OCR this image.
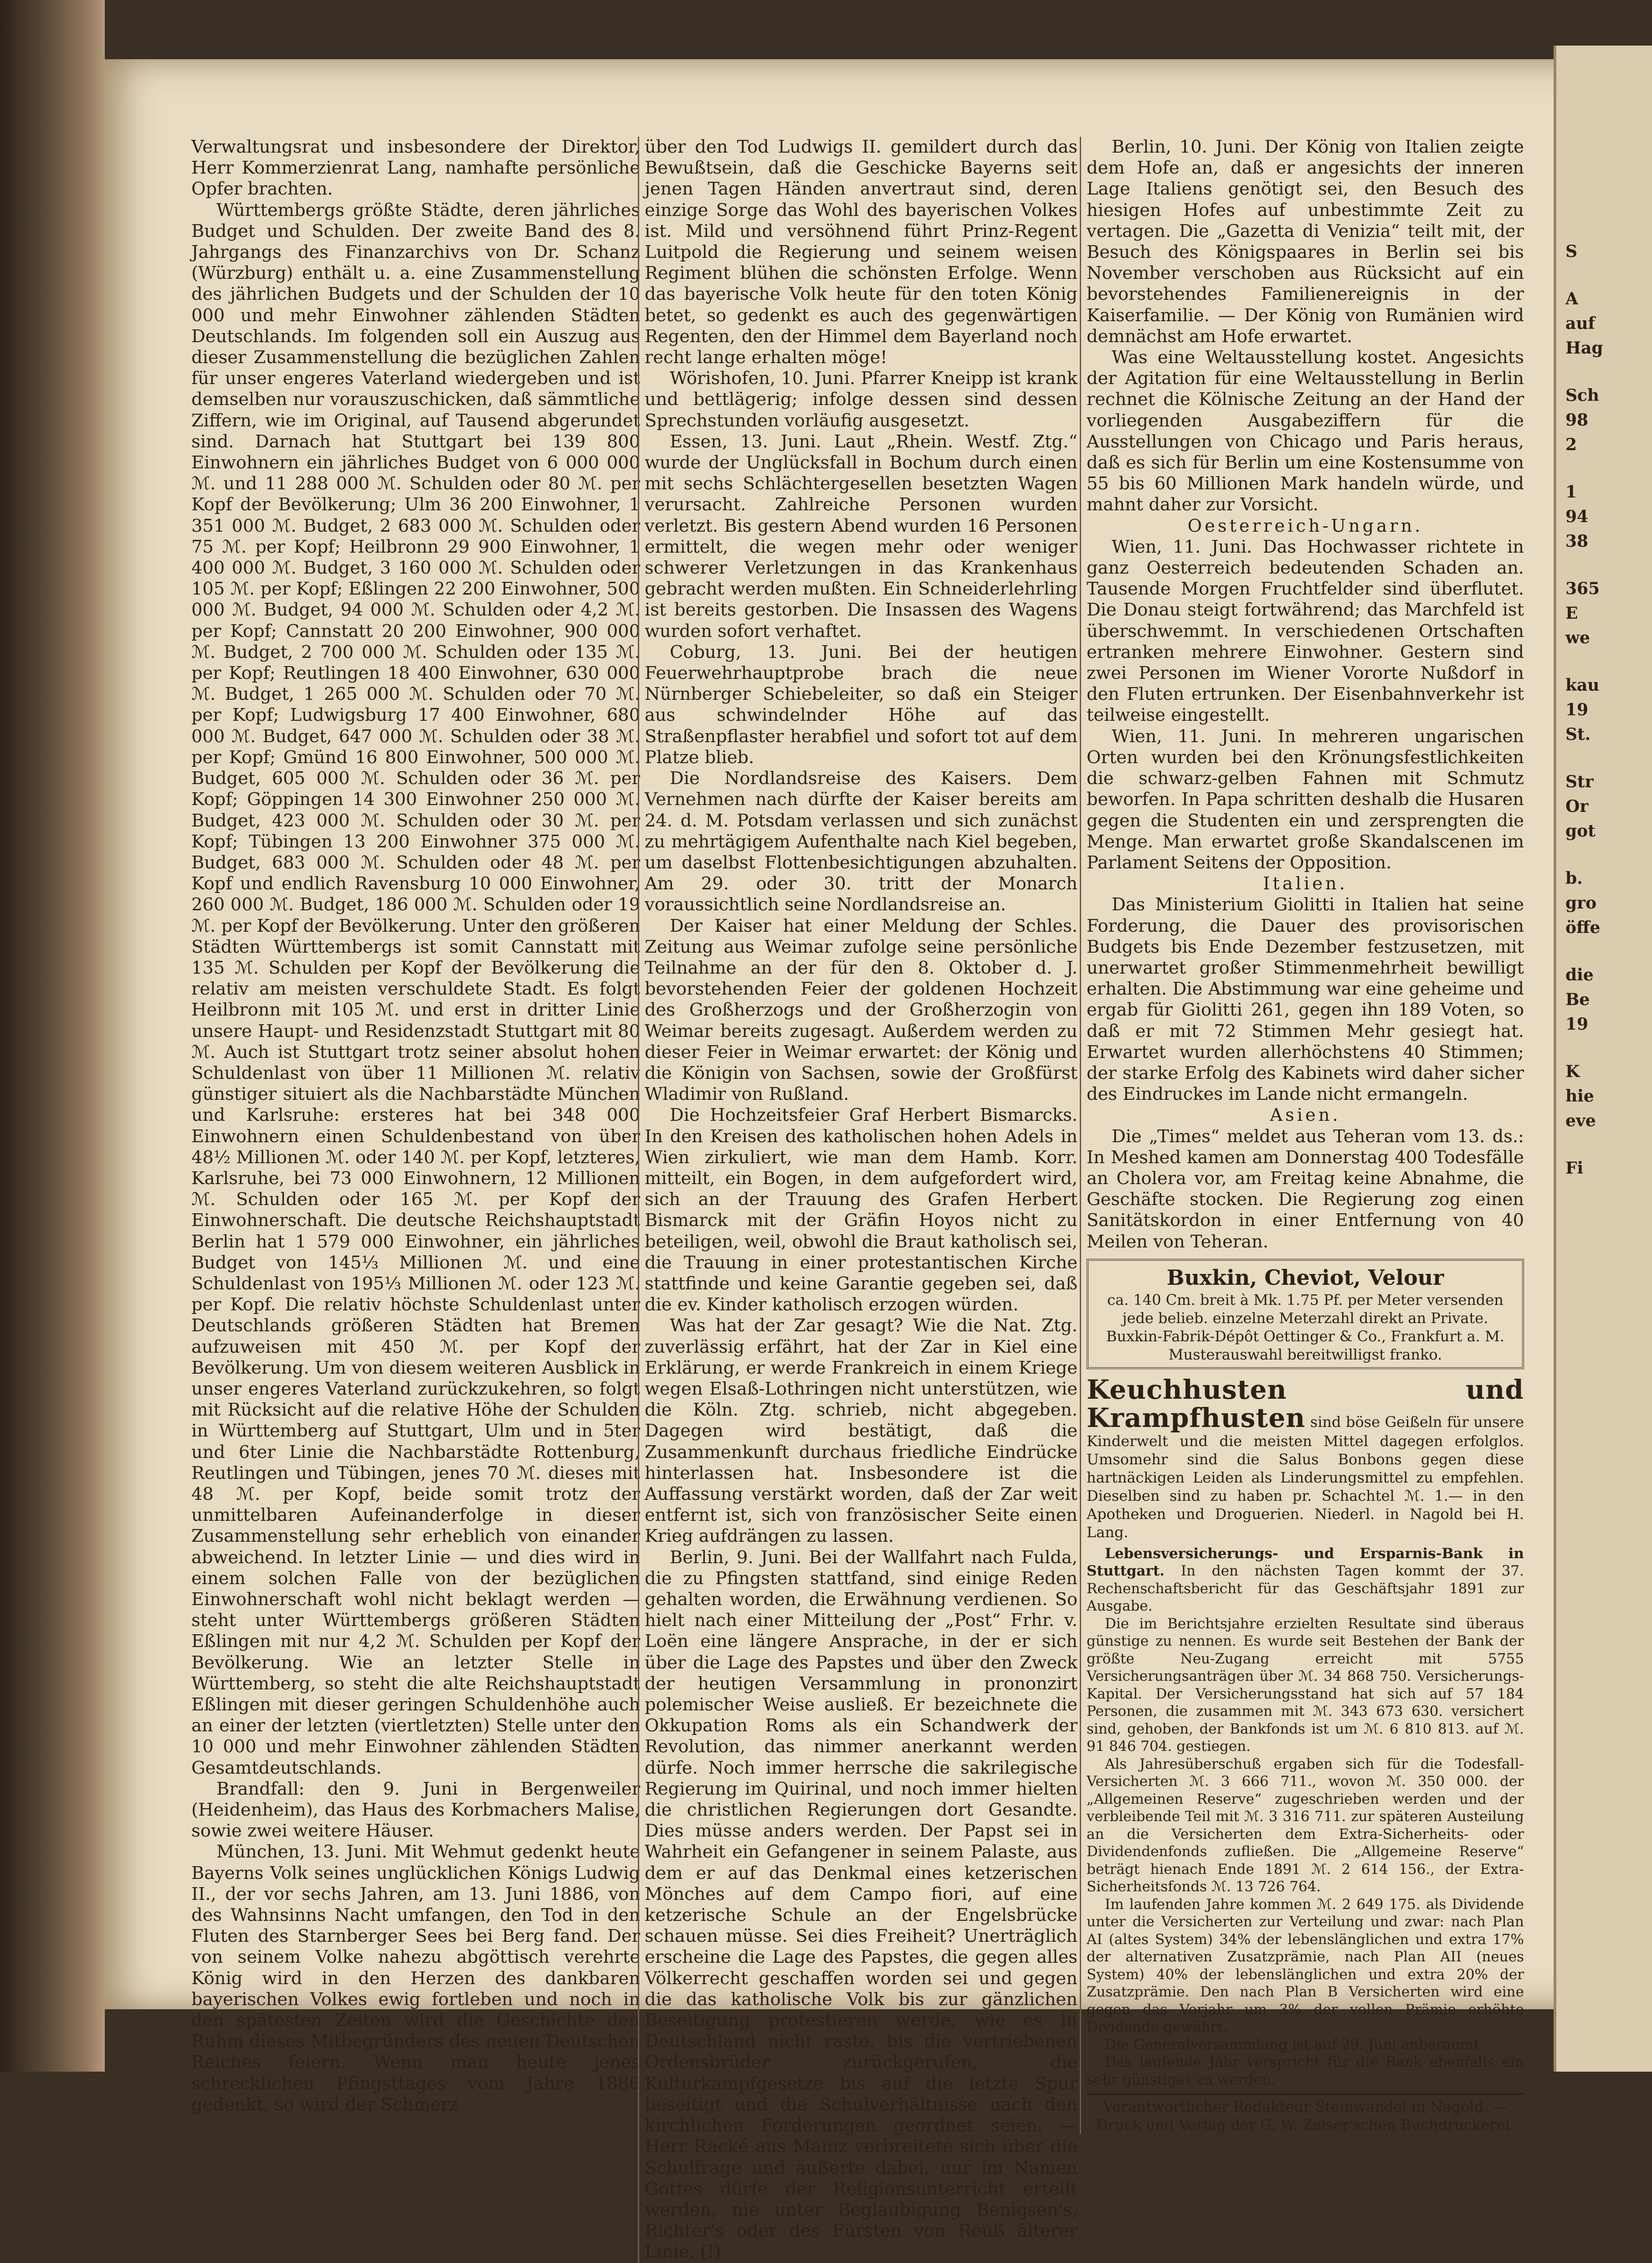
S
A
auf
Hag
Sch
98
2
1
94
38
365
E
we
kau
19
St.
Str
Or
got
b.
gro
öffe
die
Be
19
K
hie
eve
Fi

Verwaltungsrat und insbesondere der Direktor, Herr Kommerzienrat Lang, namhafte persönliche Opfer brachten.

Württembergs größte Städte, deren jährliches Budget und Schulden. Der zweite Band des 8. Jahrgangs des Finanzarchivs von Dr. Schanz (Würzburg) enthält u. a. eine Zusammenstellung des jährlichen Budgets und der Schulden der 10 000 und mehr Einwohner zählenden Städten Deutschlands. Im folgenden soll ein Auszug aus dieser Zusammenstellung die bezüglichen Zahlen für unser engeres Vaterland wiedergeben und ist demselben nur vorauszuschicken, daß sämmtliche Ziffern, wie im Original, auf Tausend abgerundet sind. Darnach hat Stuttgart bei 139 800 Einwohnern ein jährliches Budget von 6 000 000 ℳ. und 11 288 000 ℳ. Schulden oder 80 ℳ. per Kopf der Bevölkerung; Ulm 36 200 Einwohner, 1 351 000 ℳ. Budget, 2 683 000 ℳ. Schulden oder 75 ℳ. per Kopf; Heilbronn 29 900 Einwohner, 1 400 000 ℳ. Budget, 3 160 000 ℳ. Schulden oder 105 ℳ. per Kopf; Eßlingen 22 200 Einwohner, 500 000 ℳ. Budget, 94 000 ℳ. Schulden oder 4,2 ℳ. per Kopf; Cannstatt 20 200 Einwohner, 900 000 ℳ. Budget, 2 700 000 ℳ. Schulden oder 135 ℳ. per Kopf; Reutlingen 18 400 Einwohner, 630 000 ℳ. Budget, 1 265 000 ℳ. Schulden oder 70 ℳ. per Kopf; Ludwigsburg 17 400 Einwohner, 680 000 ℳ. Budget, 647 000 ℳ. Schulden oder 38 ℳ. per Kopf; Gmünd 16 800 Einwohner, 500 000 ℳ. Budget, 605 000 ℳ. Schulden oder 36 ℳ. per Kopf; Göppingen 14 300 Einwohner 250 000 ℳ. Budget, 423 000 ℳ. Schulden oder 30 ℳ. per Kopf; Tübingen 13 200 Einwohner 375 000 ℳ. Budget, 683 000 ℳ. Schulden oder 48 ℳ. per Kopf und endlich Ravensburg 10 000 Einwohner, 260 000 ℳ. Budget, 186 000 ℳ. Schulden oder 19 ℳ. per Kopf der Bevölkerung. Unter den größeren Städten Württembergs ist somit Cannstatt mit 135 ℳ. Schulden per Kopf der Bevölkerung die relativ am meisten verschuldete Stadt. Es folgt Heilbronn mit 105 ℳ. und erst in dritter Linie unsere Haupt- und Residenzstadt Stuttgart mit 80 ℳ. Auch ist Stuttgart trotz seiner absolut hohen Schuldenlast von über 11 Millionen ℳ. relativ günstiger situiert als die Nachbarstädte München und Karlsruhe: ersteres hat bei 348 000 Einwohnern einen Schuldenbestand von über 48½ Millionen ℳ. oder 140 ℳ. per Kopf, letzteres, Karlsruhe, bei 73 000 Einwohnern, 12 Millionen ℳ. Schulden oder 165 ℳ. per Kopf der Einwohnerschaft. Die deutsche Reichshauptstadt Berlin hat 1 579 000 Einwohner, ein jährliches Budget von 145⅓ Millionen ℳ. und eine Schuldenlast von 195⅓ Millionen ℳ. oder 123 ℳ. per Kopf. Die relativ höchste Schuldenlast unter Deutschlands größeren Städten hat Bremen aufzuweisen mit 450 ℳ. per Kopf der Bevölkerung. Um von diesem weiteren Ausblick in unser engeres Vaterland zurückzukehren, so folgt mit Rücksicht auf die relative Höhe der Schulden in Württemberg auf Stuttgart, Ulm und in 5ter und 6ter Linie die Nachbarstädte Rottenburg, Reutlingen und Tübingen, jenes 70 ℳ. dieses mit 48 ℳ. per Kopf, beide somit trotz der unmittelbaren Aufeinanderfolge in dieser Zusammenstellung sehr erheblich von einander abweichend. In letzter Linie — und dies wird in einem solchen Falle von der bezüglichen Einwohnerschaft wohl nicht beklagt werden — steht unter Württembergs größeren Städten Eßlingen mit nur 4,2 ℳ. Schulden per Kopf der Bevölkerung. Wie an letzter Stelle in Württemberg, so steht die alte Reichshauptstadt Eßlingen mit dieser geringen Schuldenhöhe auch an einer der letzten (viertletzten) Stelle unter den 10 000 und mehr Einwohner zählenden Städten Gesamtdeutschlands.

Brandfall: den 9. Juni in Bergenweiler (Heidenheim), das Haus des Korbmachers Malise, sowie zwei weitere Häuser.

München, 13. Juni. Mit Wehmut gedenkt heute Bayerns Volk seines unglücklichen Königs Ludwig II., der vor sechs Jahren, am 13. Juni 1886, von des Wahnsinns Nacht umfangen, den Tod in den Fluten des Starnberger Sees bei Berg fand. Der von seinem Volke nahezu abgöttisch verehrte König wird in den Herzen des dankbaren bayerischen Volkes ewig fortleben und noch in den spätesten Zeiten wird die Geschichte den Ruhm dieses Mitbegründers des neuen Deutschen Reiches feiern. Wenn man heute jenes schrecklichen Pfingsttages vom Jahre 1886 gedenkt, so wird der Schmerz

über den Tod Ludwigs II. gemildert durch das Bewußtsein, daß die Geschicke Bayerns seit jenen Tagen Händen anvertraut sind, deren einzige Sorge das Wohl des bayerischen Volkes ist. Mild und versöhnend führt Prinz-Regent Luitpold die Regierung und seinem weisen Regiment blühen die schönsten Erfolge. Wenn das bayerische Volk heute für den toten König betet, so gedenkt es auch des gegenwärtigen Regenten, den der Himmel dem Bayerland noch recht lange erhalten möge!

Wörishofen, 10. Juni. Pfarrer Kneipp ist krank und bettlägerig; infolge dessen sind dessen Sprechstunden vorläufig ausgesetzt.

Essen, 13. Juni. Laut „Rhein. Westf. Ztg.“ wurde der Unglücksfall in Bochum durch einen mit sechs Schlächtergesellen besetzten Wagen verursacht. Zahlreiche Personen wurden verletzt. Bis gestern Abend wurden 16 Personen ermittelt, die wegen mehr oder weniger schwerer Verletzungen in das Krankenhaus gebracht werden mußten. Ein Schneiderlehrling ist bereits gestorben. Die Insassen des Wagens wurden sofort verhaftet.

Coburg, 13. Juni. Bei der heutigen Feuerwehrhauptprobe brach die neue Nürnberger Schiebeleiter, so daß ein Steiger aus schwindelnder Höhe auf das Straßenpflaster herabfiel und sofort tot auf dem Platze blieb.

Die Nordlandsreise des Kaisers. Dem Vernehmen nach dürfte der Kaiser bereits am 24. d. M. Potsdam verlassen und sich zunächst zu mehrtägigem Aufenthalte nach Kiel begeben, um daselbst Flottenbesichtigungen abzuhalten. Am 29. oder 30. tritt der Monarch voraussichtlich seine Nordlandsreise an.

Der Kaiser hat einer Meldung der Schles. Zeitung aus Weimar zufolge seine persönliche Teilnahme an der für den 8. Oktober d. J. bevorstehenden Feier der goldenen Hochzeit des Großherzogs und der Großherzogin von Weimar bereits zugesagt. Außerdem werden zu dieser Feier in Weimar erwartet: der König und die Königin von Sachsen, sowie der Großfürst Wladimir von Rußland.

Die Hochzeitsfeier Graf Herbert Bismarcks. In den Kreisen des katholischen hohen Adels in Wien zirkuliert, wie man dem Hamb. Korr. mitteilt, ein Bogen, in dem aufgefordert wird, sich an der Trauung des Grafen Herbert Bismarck mit der Gräfin Hoyos nicht zu beteiligen, weil, obwohl die Braut katholisch sei, die Trauung in einer protestantischen Kirche stattfinde und keine Garantie gegeben sei, daß die ev. Kinder katholisch erzogen würden.

Was hat der Zar gesagt? Wie die Nat. Ztg. zuverlässig erfährt, hat der Zar in Kiel eine Erklärung, er werde Frankreich in einem Kriege wegen Elsaß-Lothringen nicht unterstützen, wie die Köln. Ztg. schrieb, nicht abgegeben. Dagegen wird bestätigt, daß die Zusammenkunft durchaus friedliche Eindrücke hinterlassen hat. Insbesondere ist die Auffassung verstärkt worden, daß der Zar weit entfernt ist, sich von französischer Seite einen Krieg aufdrängen zu lassen.

Berlin, 9. Juni. Bei der Wallfahrt nach Fulda, die zu Pfingsten stattfand, sind einige Reden gehalten worden, die Erwähnung verdienen. So hielt nach einer Mitteilung der „Post“ Frhr. v. Loën eine längere Ansprache, in der er sich über die Lage des Papstes und über den Zweck der heutigen Versammlung in prononzirt polemischer Weise ausließ. Er bezeichnete die Okkupation Roms als ein Schandwerk der Revolution, das nimmer anerkannt werden dürfe. Noch immer herrsche die sakrilegische Regierung im Quirinal, und noch immer hielten die christlichen Regierungen dort Gesandte. Dies müsse anders werden. Der Papst sei in Wahrheit ein Gefangener in seinem Palaste, aus dem er auf das Denkmal eines ketzerischen Mönches auf dem Campo fiori, auf eine ketzerische Schule an der Engelsbrücke schauen müsse. Sei dies Freiheit? Unerträglich erscheine die Lage des Papstes, die gegen alles Völkerrecht geschaffen worden sei und gegen die das katholische Volk bis zur gänzlichen Beseitigung protestieren werde, wie es in Deutschland nicht raste, bis die vertriebenen Ordensbrüder zurückgerufen, die Kulturkampfgesetze bis auf die letzte Spur beseitigt und die Schulverhältnisse nach den kirchlichen Forderungen geordnet seien. — Herr Racké aus Mainz verbreitete sich über die Schulfrage und äußerte dabei, nur im Namen Gottes dürfe der Religionsunterricht erteilt werden, nie unter Beglaubigung Benigsen's, Richter's oder des Fürsten von Reuß älterer Linie. (!)

Berlin, 10. Juni. Der König von Italien zeigte dem Hofe an, daß er angesichts der inneren Lage Italiens genötigt sei, den Besuch des hiesigen Hofes auf unbestimmte Zeit zu vertagen. Die „Gazetta di Venizia“ teilt mit, der Besuch des Königspaares in Berlin sei bis November verschoben aus Rücksicht auf ein bevorstehendes Familienereignis in der Kaiserfamilie. — Der König von Rumänien wird demnächst am Hofe erwartet.

Was eine Weltausstellung kostet. Angesichts der Agitation für eine Weltausstellung in Berlin rechnet die Kölnische Zeitung an der Hand der vorliegenden Ausgabeziffern für die Ausstellungen von Chicago und Paris heraus, daß es sich für Berlin um eine Kostensumme von 55 bis 60 Millionen Mark handeln würde, und mahnt daher zur Vorsicht.

Oesterreich-Ungarn.

Wien, 11. Juni. Das Hochwasser richtete in ganz Oesterreich bedeutenden Schaden an. Tausende Morgen Fruchtfelder sind überflutet. Die Donau steigt fortwährend; das Marchfeld ist überschwemmt. In verschiedenen Ortschaften ertranken mehrere Einwohner. Gestern sind zwei Personen im Wiener Vororte Nußdorf in den Fluten ertrunken. Der Eisenbahnverkehr ist teilweise eingestellt.

Wien, 11. Juni. In mehreren ungarischen Orten wurden bei den Krönungsfestlichkeiten die schwarz-gelben Fahnen mit Schmutz beworfen. In Papa schritten deshalb die Husaren gegen die Studenten ein und zersprengten die Menge. Man erwartet große Skandalscenen im Parlament Seitens der Opposition.

Italien.

Das Ministerium Giolitti in Italien hat seine Forderung, die Dauer des provisorischen Budgets bis Ende Dezember festzusetzen, mit unerwartet großer Stimmenmehrheit bewilligt erhalten. Die Abstimmung war eine geheime und ergab für Giolitti 261, gegen ihn 189 Voten, so daß er mit 72 Stimmen Mehr gesiegt hat. Erwartet wurden allerhöchstens 40 Stimmen; der starke Erfolg des Kabinets wird daher sicher des Eindruckes im Lande nicht ermangeln.

Asien.

Die „Times“ meldet aus Teheran vom 13. ds.: In Meshed kamen am Donnerstag 400 Todesfälle an Cholera vor, am Freitag keine Abnahme, die Geschäfte stocken. Die Regierung zog einen Sanitätskordon in einer Entfernung von 40 Meilen von Teheran.

Buxkin, Cheviot, Velour
ca. 140 Cm. breit à Mk. 1.75 Pf. per Meter versenden jede belieb. einzelne Meterzahl direkt an Private. Buxkin-Fabrik-Dépôt Oettinger & Co., Frankfurt a. M. Musterauswahl bereitwilligst franko.
Keuchhusten und Krampfhusten sind böse Geißeln für unsere Kinderwelt und die meisten Mittel dagegen erfolglos. Umsomehr sind die Salus Bonbons gegen diese hartnäckigen Leiden als Linderungsmittel zu empfehlen. Dieselben sind zu haben pr. Schachtel ℳ. 1.— in den Apotheken und Droguerien. Niederl. in Nagold bei H. Lang.

Lebensversicherungs- und Ersparnis-Bank in Stuttgart. In den nächsten Tagen kommt der 37. Rechenschaftsbericht für das Geschäftsjahr 1891 zur Ausgabe.

Die im Berichtsjahre erzielten Resultate sind überaus günstige zu nennen. Es wurde seit Bestehen der Bank der größte Neu-Zugang erreicht mit 5755 Versicherungsanträgen über ℳ. 34 868 750. Versicherungs-Kapital. Der Versicherungsstand hat sich auf 57 184 Personen, die zusammen mit ℳ. 343 673 630. versichert sind, gehoben, der Bankfonds ist um ℳ. 6 810 813. auf ℳ. 91 846 704. gestiegen.

Als Jahresüberschuß ergaben sich für die Todesfall-Versicherten ℳ. 3 666 711., wovon ℳ. 350 000. der „Allgemeinen Reserve“ zugeschrieben werden und der verbleibende Teil mit ℳ. 3 316 711. zur späteren Austeilung an die Versicherten dem Extra-Sicherheits- oder Dividendenfonds zufließen. Die „Allgemeine Reserve“ beträgt hienach Ende 1891 ℳ. 2 614 156., der Extra-Sicherheitsfonds ℳ. 13 726 764.

Im laufenden Jahre kommen ℳ. 2 649 175. als Dividende unter die Versicherten zur Verteilung und zwar: nach Plan AI (altes System) 34% der lebenslänglichen und extra 17% der alternativen Zusatzprämie, nach Plan AII (neues System) 40% der lebenslänglichen und extra 20% der Zusatzprämie. Den nach Plan B Versicherten wird eine gegen das Vorjahr um 3% der vollen Prämie erhöhte Dividende gewährt.

Die Generalversammlung ist auf 29. Juni anberaumt.

Das laufende Jahr verspricht für die Bank ebenfalls ein sehr günstiges zu werden.

Verantwortlicher Redakteur Steinwandel in Nagold. —
Druck und Verlag der G. W. Zaiser'schen Buchdruckerei.
